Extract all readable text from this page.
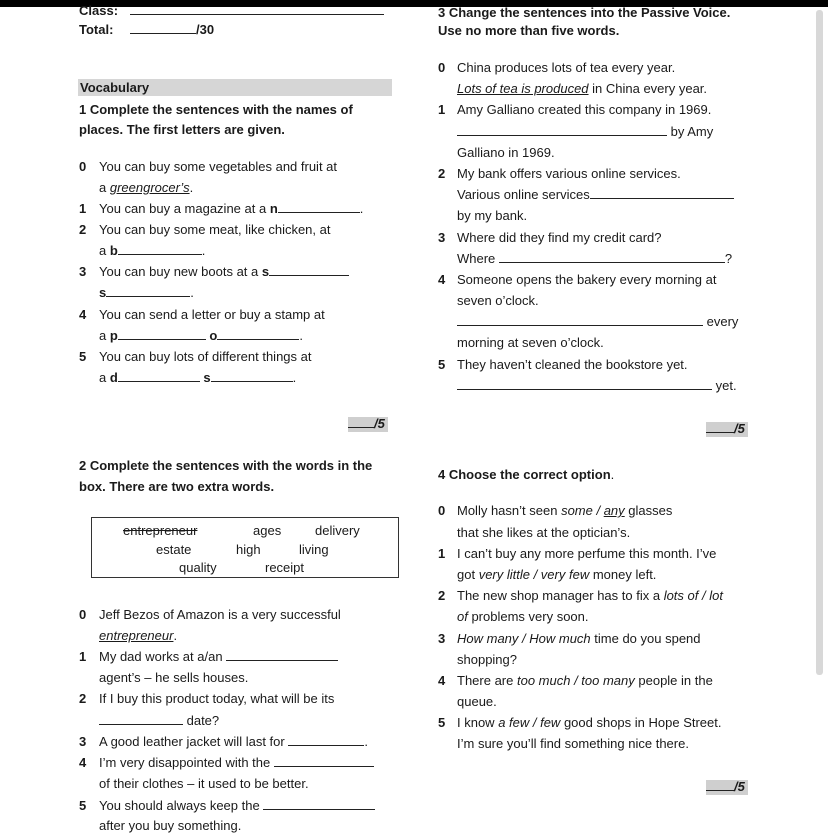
Class:
Total:	/30
Vocabulary
1 Complete the sentences with the names of
places. The first letters are given.
0 You can buy some vegetables and fruit at
a greengrocer’s.
1 You can buy a magazine at a n	.
2 You can buy some meat, like chicken, at
a b	.
3 You can buy new boots at a s
s	.
4 You can send a letter or buy a stamp at
a p	o	.
5 You can buy lots of different things at
a d	s	.
/5
2 Complete the sentences with the words in the
box. There are two extra words.
entrepreneur	ages	delivery
estate	high	living
quality	receipt
0 Jeff Bezos of Amazon is a very successful
entrepreneur.
1 My dad works at a/an
agent’s – he sells houses.
2 If I buy this product today, what will be its
date?
3 A good leather jacket will last for	.
4 I’m very disappointed with the
of their clothes – it used to be better.
5 You should always keep the
after you buy something.
3 Change the sentences into the Passive Voice.
Use no more than five words.
0 China produces lots of tea every year.
Lots of tea is produced in China every year.
1 Amy Galliano created this company in 1969.
by Amy
Galliano in 1969.
2 My bank offers various online services.
Various online services
by my bank.
3 Where did they find my credit card?
Where	?
4 Someone opens the bakery every morning at
seven o’clock.
every
morning at seven o’clock.
5 They haven’t cleaned the bookstore yet.
yet.
/5
4 Choose the correct option.
0 Molly hasn’t seen some / any glasses
that she likes at the optician’s.
1 I can’t buy any more perfume this month. I’ve
got very little / very few money left.
2 The new shop manager has to fix a lots of / lot
of problems very soon.
3 How many / How much time do you spend
shopping?
4 There are too much / too many people in the
queue.
5 I know a few / few good shops in Hope Street.
I’m sure you’ll find something nice there.
/5
